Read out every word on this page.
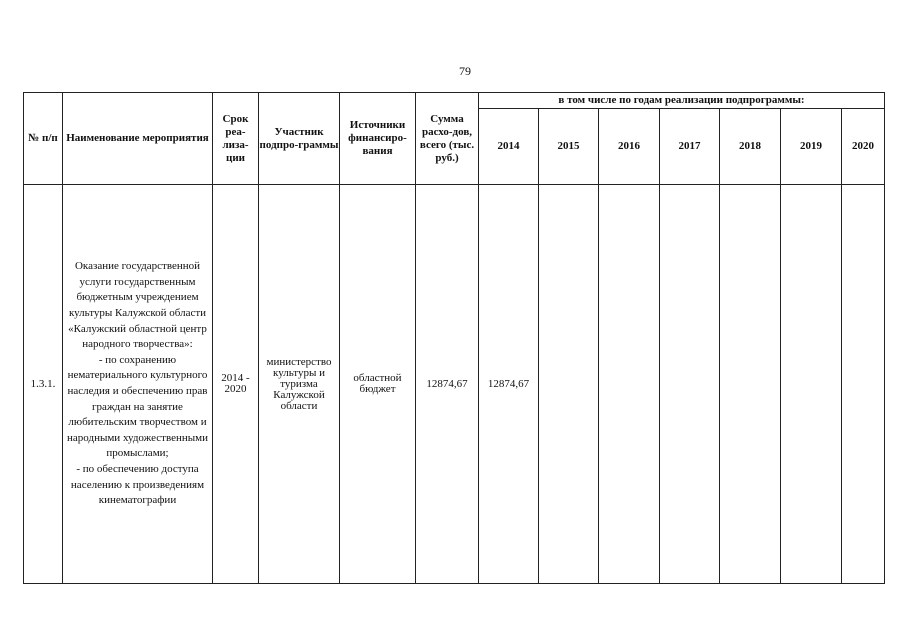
79
№ п/п	Наименование мероприятия	Срок реа-лиза-ции	Участник подпро-граммы	Источники финансиро-вания	Сумма расхо-дов, всего (тыс. руб.)	в том числе по годам реализации подпрограммы:						
						2014	2015	2016	2017	2018	2019	2020
1.3.1.	Оказание государственной услуги государственным бюджетным учреждением культуры Калужской области «Калужский областной центр народного творчества»:
- по сохранению нематериального культурного наследия и обеспечению прав граждан на занятие любительским творчеством и народными художественными промыслами;
- по обеспечению доступа населению к произведениям кинематографии	2014 - 2020	министерство культуры и туризма Калужской области	областной бюджет	12874,67	12874,67						
